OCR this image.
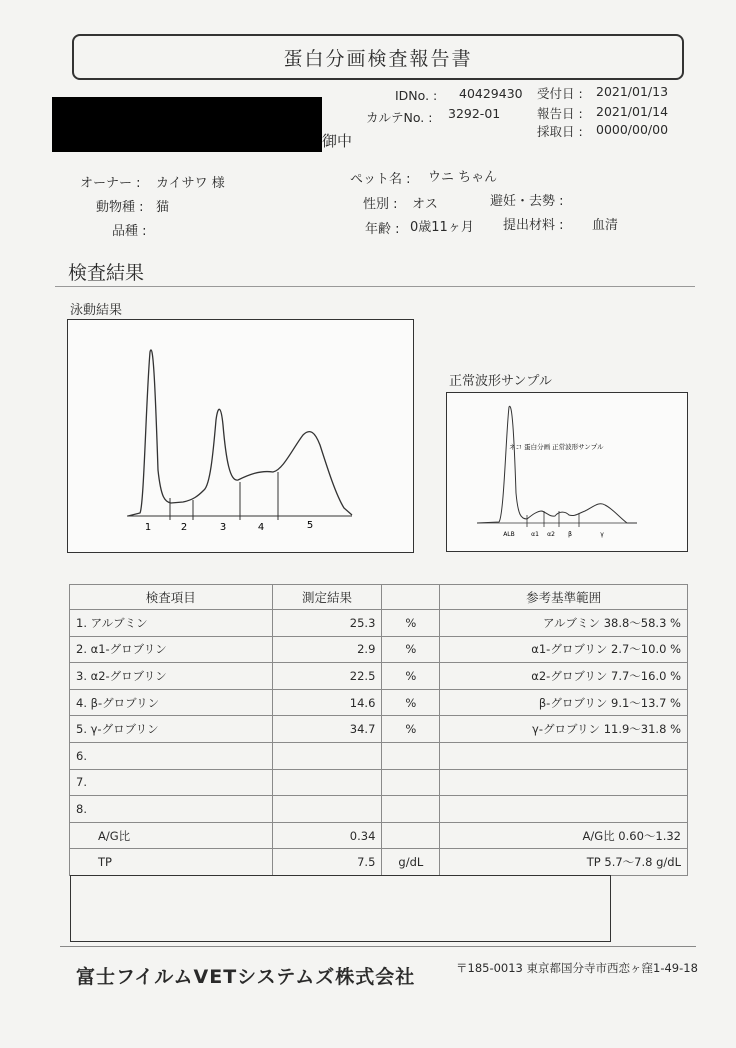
蛋白分画検査報告書
御中
IDNo. : 40429430
カルテNo. : 3292-01
受付日 : 2021/01/13
報告日 : 2021/01/14
採取日 : 0000/00/00
オーナー : カイサワ 様
動物種 : 猫
品種 :
ペット名 : ウニ ちゃん
性別 : オス
年齢 : 0歳11ヶ月
避妊・去勢 :
提出材料 : 血清
検査結果
泳動結果
1	2	3	4	5
正常波形サンプル
ネコ 蛋白分画 正常波形サンプル
ALB	α1 α2 β	γ
検査項目	測定結果		参考基準範囲
1. アルブミン	25.3	%	アルブミン 38.8〜58.3 %
2. α1-グロブリン	2.9	%	α1-グロブリン 2.7〜10.0 %
3. α2-グロブリン	22.5	%	α2-グロブリン 7.7〜16.0 %
4. β-グロブリン	14.6	%	β-グロブリン 9.1〜13.7 %
5. γ-グロブリン	34.7	%	γ-グロブリン 11.9〜31.8 %
6.			
7.			
8.			
A/G比	0.34		A/G比 0.60〜1.32
TP	7.5	g/dL	TP 5.7〜7.8 g/dL
富士フイルムVETシステムズ株式会社	〒185-0013 東京都国分寺市西恋ヶ窪1-49-18
